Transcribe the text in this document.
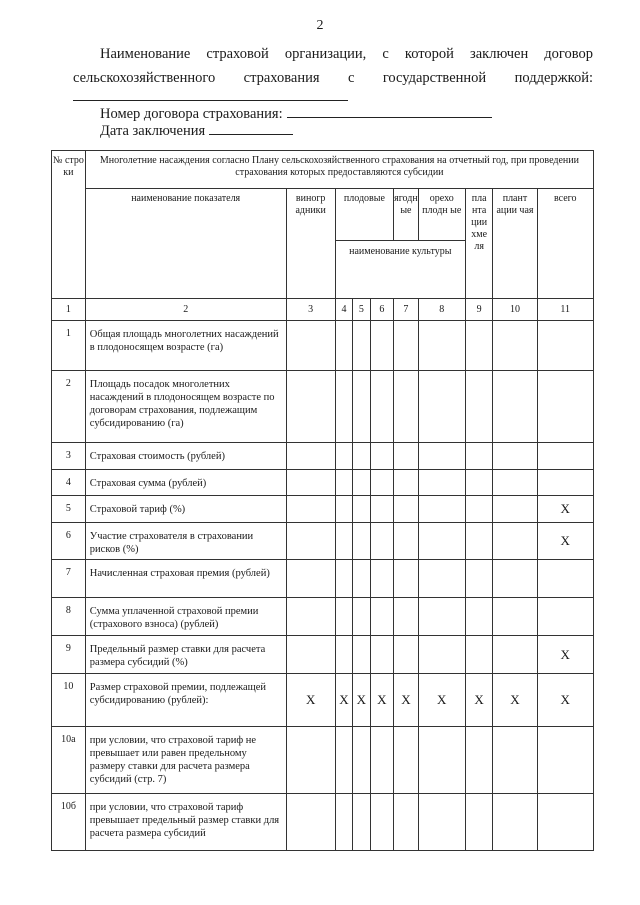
2
Наименование страховой организации, с которой заключен договор
сельскохозяйственного страхования с государственной поддержкой:
Номер договора страхования:
Дата заключения
№ стро ки	Многолетние насаждения согласно Плану сельскохозяйственного страхования на отчетный год, при проведении страхования которых предоставляются субсидии									
	наименование показателя	виногр адники	плодовые			ягодн ые	орехо плодн ые	пла нта ции хме ля	плант ации чая	всего
			наименование культуры							
1	2	3	4	5	6	7	8	9	10	11
1	Общая площадь многолетних насаждений в плодоносящем возрасте (га)									
2	Площадь посадок многолетних насаждений в плодоносящем возрасте по договорам страхования, подлежащим субсидированию (га)									
3	Страховая стоимость (рублей)									
4	Страховая сумма (рублей)									
5	Страховой тариф (%)									X
6	Участие страхователя в страховании рисков (%)									X
7	Начисленная страховая премия (рублей)									
8	Сумма уплаченной страховой премии (страхового взноса) (рублей)									
9	Предельный размер ставки для расчета размера субсидий (%)									X
10	Размер страховой премии, подлежащей субсидированию (рублей):	X	X	X	X	X	X	X	X	X
10а	при условии, что страховой тариф не превышает или равен предельному размеру ставки для расчета размера субсидий (стр. 7)									
10б	при условии, что страховой тариф превышает предельный размер ставки для расчета размера субсидий									
